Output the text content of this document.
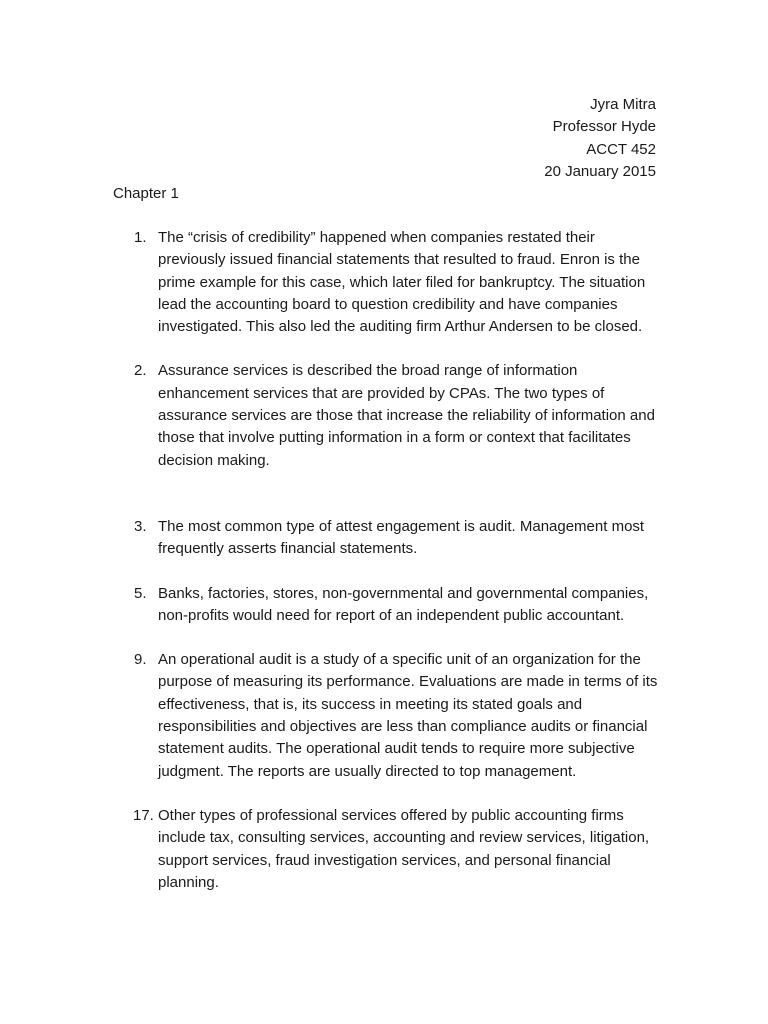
Jyra Mitra
Professor Hyde
ACCT 452
20 January 2015
Chapter 1
1. The “crisis of credibility” happened when companies restated their previously issued financial statements that resulted to fraud. Enron is the prime example for this case, which later filed for bankruptcy. The situation lead the accounting board to question credibility and have companies investigated. This also led the auditing firm Arthur Andersen to be closed.
2. Assurance services is described the broad range of information enhancement services that are provided by CPAs. The two types of assurance services are those that increase the reliability of information and those that involve putting information in a form or context that facilitates decision making.
3. The most common type of attest engagement is audit. Management most frequently asserts financial statements.
5. Banks, factories, stores, non-governmental and governmental companies, non-profits would need for report of an independent public accountant.
9. An operational audit is a study of a specific unit of an organization for the purpose of measuring its performance. Evaluations are made in terms of its effectiveness, that is, its success in meeting its stated goals and responsibilities and objectives are less than compliance audits or financial statement audits. The operational audit tends to require more subjective judgment. The reports are usually directed to top management.
17. Other types of professional services offered by public accounting firms include tax, consulting services, accounting and review services, litigation, support services, fraud investigation services, and personal financial planning.
